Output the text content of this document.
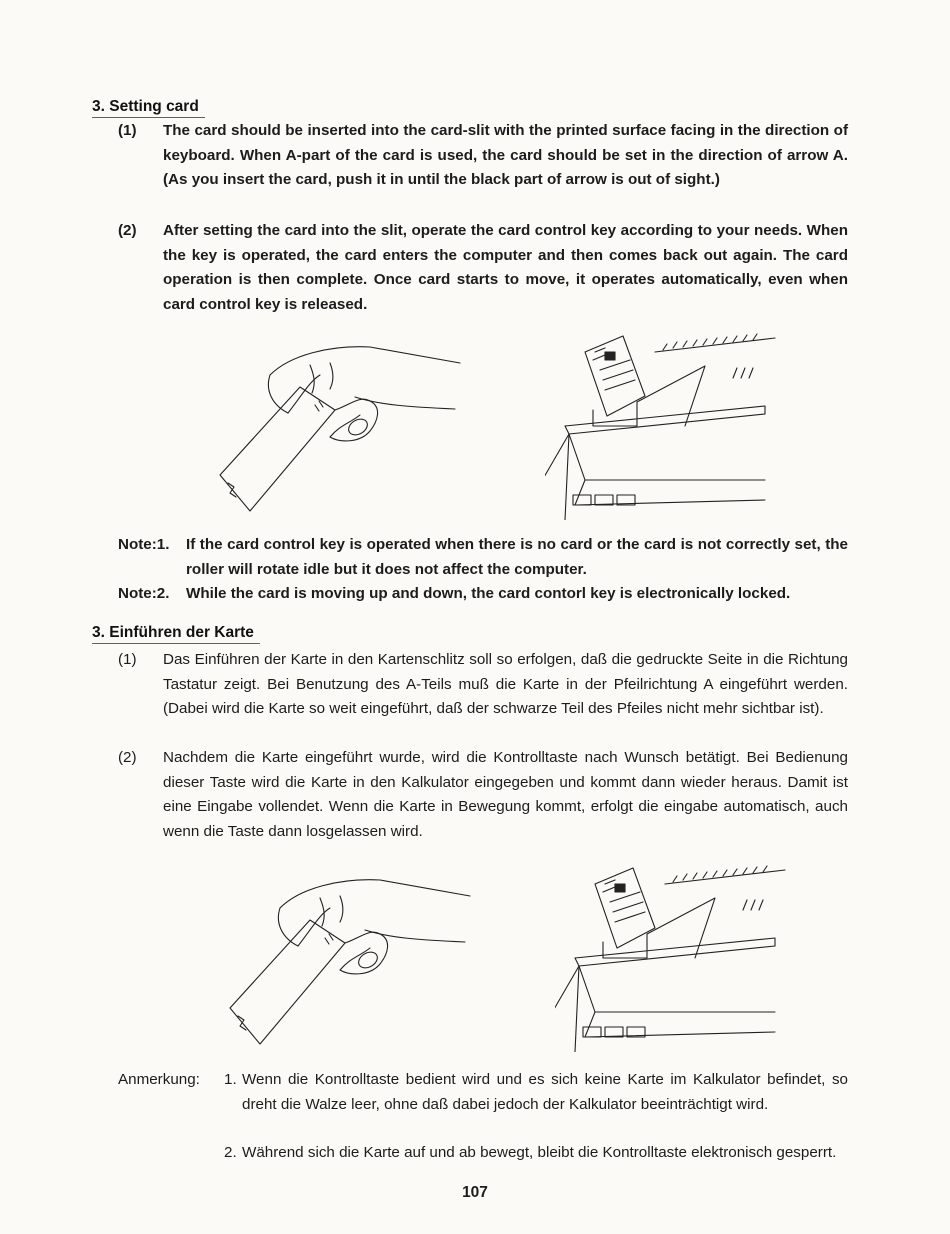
3. Setting card
(1) The card should be inserted into the card-slit with the printed surface facing in the direction of keyboard. When A-part of the card is used, the card should be set in the direction of arrow A. (As you insert the card, push it in until the black part of arrow is out of sight.)
(2) After setting the card into the slit, operate the card control key according to your needs. When the key is operated, the card enters the computer and then comes back out again. The card operation is then complete. Once card starts to move, it operates automatically, even when card control key is released.
Note:1. If the card control key is operated when there is no card or the card is not correctly set, the roller will rotate idle but it does not affect the computer.
Note:2. While the card is moving up and down, the card contorl key is electronically locked.
3. Einführen der Karte
(1) Das Einführen der Karte in den Kartenschlitz soll so erfolgen, daß die gedruckte Seite in die Richtung Tastatur zeigt. Bei Benutzung des A-Teils muß die Karte in der Pfeilrichtung A eingeführt werden. (Dabei wird die Karte so weit eingeführt, daß der schwarze Teil des Pfeiles nicht mehr sichtbar ist).
(2) Nachdem die Karte eingeführt wurde, wird die Kontrolltaste nach Wunsch betätigt. Bei Bedienung dieser Taste wird die Karte in den Kalkulator eingegeben und kommt dann wieder heraus. Damit ist eine Eingabe vollendet. Wenn die Karte in Bewegung kommt, erfolgt die eingabe automatisch, auch wenn die Taste dann losgelassen wird.
Anmerkung: 1. Wenn die Kontrolltaste bedient wird und es sich keine Karte im Kalkulator befindet, so dreht die Walze leer, ohne daß dabei jedoch der Kalkulator beeinträchtigt wird.
2. Während sich die Karte auf und ab bewegt, bleibt die Kontrolltaste elektronisch gesperrt.
107
